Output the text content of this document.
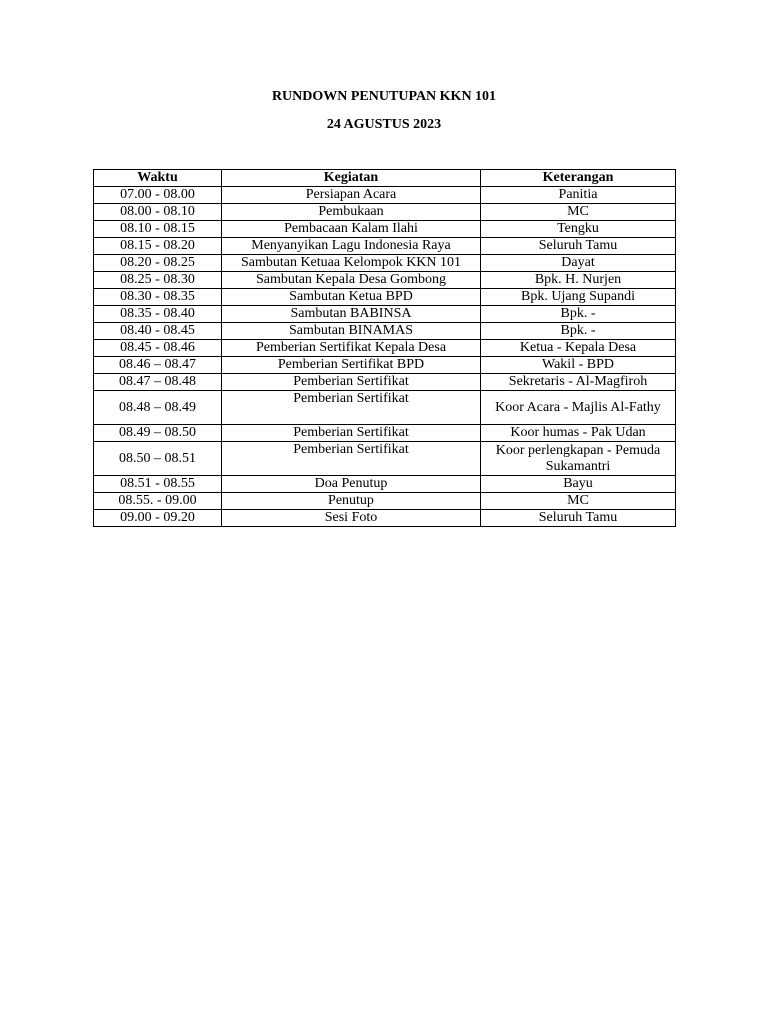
RUNDOWN PENUTUPAN KKN 101

24 AGUSTUS 2023

Waktu	Kegiatan	Keterangan
07.00 - 08.00	Persiapan Acara	Panitia
08.00 - 08.10	Pembukaan	MC
08.10 - 08.15	Pembacaan Kalam Ilahi	Tengku
08.15 - 08.20	Menyanyikan Lagu Indonesia Raya	Seluruh Tamu
08.20 - 08.25	Sambutan Ketuaa Kelompok KKN 101	Dayat
08.25 - 08.30	Sambutan Kepala Desa Gombong	Bpk. H. Nurjen
08.30 - 08.35	Sambutan Ketua BPD	Bpk. Ujang Supandi
08.35 - 08.40	Sambutan BABINSA	Bpk. -
08.40 - 08.45	Sambutan BINAMAS	Bpk. -
08.45 - 08.46	Pemberian Sertifikat Kepala Desa	Ketua - Kepala Desa
08.46 – 08.47	Pemberian Sertifikat BPD	Wakil - BPD
08.47 – 08.48	Pemberian Sertifikat	Sekretaris - Al-Magfiroh
08.48 – 08.49	Pemberian Sertifikat	Koor Acara - Majlis Al-Fathy
08.49 – 08.50	Pemberian Sertifikat	Koor humas - Pak Udan
08.50 – 08.51	Pemberian Sertifikat	Koor perlengkapan - Pemuda Sukamantri
08.51 - 08.55	Doa Penutup	Bayu
08.55. - 09.00	Penutup	MC
09.00 - 09.20	Sesi Foto	Seluruh Tamu
